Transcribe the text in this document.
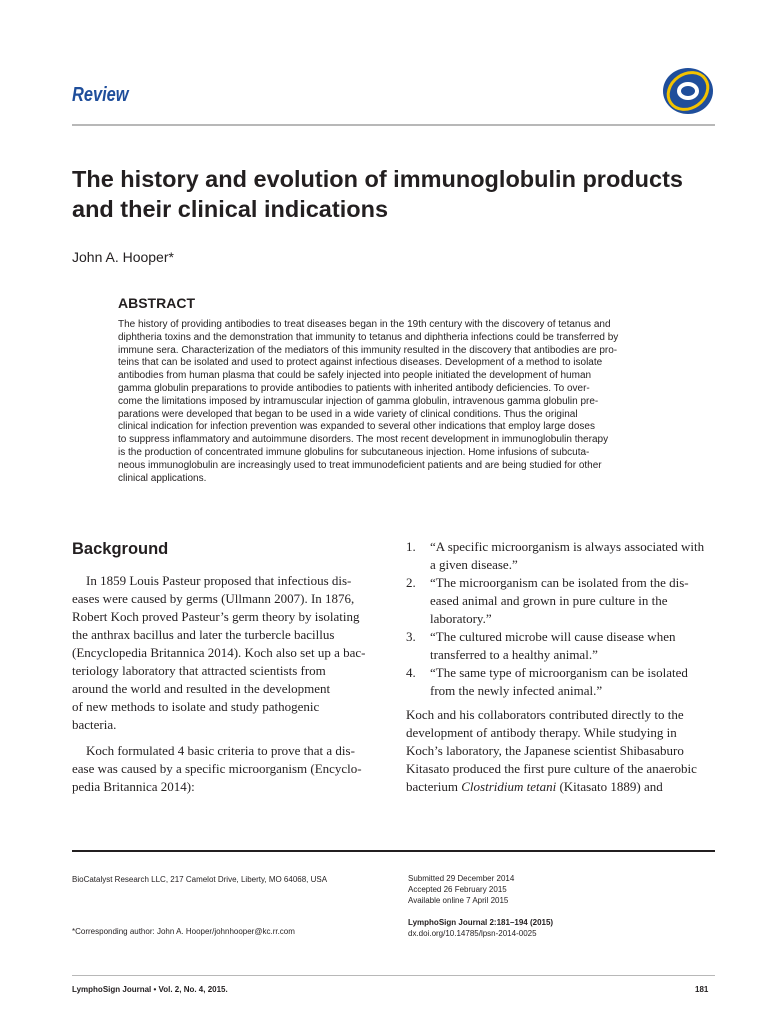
Review
The history and evolution of immunoglobulin products
and their clinical indications
John A. Hooper*
ABSTRACT
The history of providing antibodies to treat diseases began in the 19th century with the discovery of tetanus and
diphtheria toxins and the demonstration that immunity to tetanus and diphtheria infections could be transferred by
immune sera. Characterization of the mediators of this immunity resulted in the discovery that antibodies are pro-
teins that can be isolated and used to protect against infectious diseases. Development of a method to isolate
antibodies from human plasma that could be safely injected into people initiated the development of human
gamma globulin preparations to provide antibodies to patients with inherited antibody deficiencies. To over-
come the limitations imposed by intramuscular injection of gamma globulin, intravenous gamma globulin pre-
parations were developed that began to be used in a wide variety of clinical conditions. Thus the original
clinical indication for infection prevention was expanded to several other indications that employ large doses
to suppress inflammatory and autoimmune disorders. The most recent development in immunoglobulin therapy
is the production of concentrated immune globulins for subcutaneous injection. Home infusions of subcuta-
neous immunoglobulin are increasingly used to treat immunodeficient patients and are being studied for other
clinical applications.
Background
In 1859 Louis Pasteur proposed that infectious dis-
eases were caused by germs (Ullmann 2007). In 1876,
Robert Koch proved Pasteur’s germ theory by isolating
the anthrax bacillus and later the turbercle bacillus
(Encyclopedia Britannica 2014). Koch also set up a bac-
teriology laboratory that attracted scientists from
around the world and resulted in the development
of new methods to isolate and study pathogenic
bacteria.
Koch formulated 4 basic criteria to prove that a dis-
ease was caused by a specific microorganism (Encyclo-
pedia Britannica 2014):
1. “A specific microorganism is always associated with
a given disease.”
2. “The microorganism can be isolated from the dis-
eased animal and grown in pure culture in the
laboratory.”
3. “The cultured microbe will cause disease when
transferred to a healthy animal.”
4. “The same type of microorganism can be isolated
from the newly infected animal.”
Koch and his collaborators contributed directly to the
development of antibody therapy. While studying in
Koch’s laboratory, the Japanese scientist Shibasaburo
Kitasato produced the first pure culture of the anaerobic
bacterium Clostridium tetani (Kitasato 1889) and
BioCatalyst Research LLC, 217 Camelot Drive, Liberty, MO 64068, USA
*Corresponding author: John A. Hooper/johnhooper@kc.rr.com
Submitted 29 December 2014
Accepted 26 February 2015
Available online 7 April 2015
LymphoSign Journal 2:181–194 (2015)
dx.doi.org/10.14785/lpsn-2014-0025
LymphoSign Journal • Vol. 2, No. 4, 2015.	181
